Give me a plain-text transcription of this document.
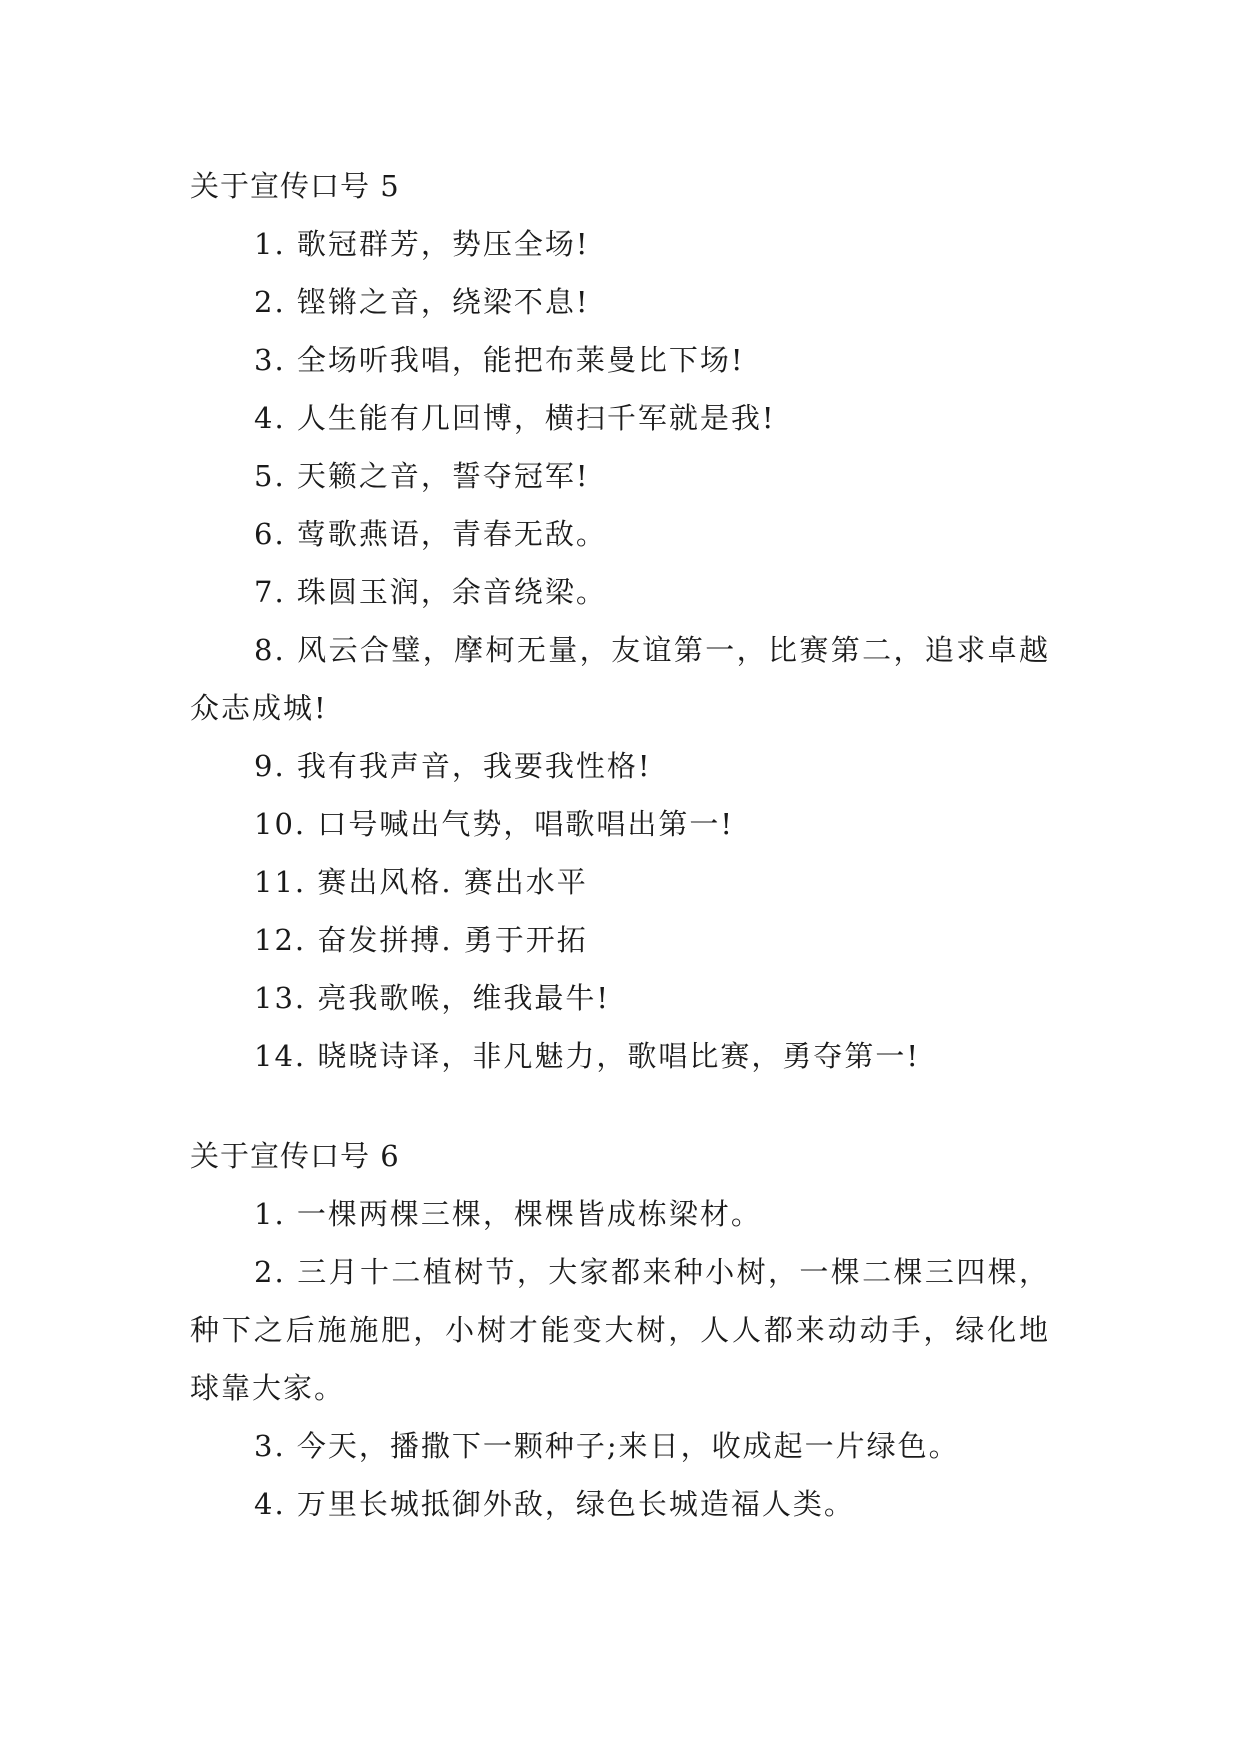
关于宣传口号 5

1. 歌冠群芳，势压全场!

2. 铿锵之音，绕梁不息!

3. 全场听我唱，能把布莱曼比下场!

4. 人生能有几回博，横扫千军就是我!

5. 天籁之音，誓夺冠军!

6. 莺歌燕语，青春无敌。

7. 珠圆玉润，余音绕梁。

8. 风云合璧，摩柯无量，友谊第一，比赛第二，追求卓越众志成城!

9. 我有我声音，我要我性格!

10. 口号喊出气势，唱歌唱出第一!

11. 赛出风格. 赛出水平

12. 奋发拼搏. 勇于开拓

13. 亮我歌喉，维我最牛!

14. 晓晓诗译，非凡魅力，歌唱比赛，勇夺第一!

关于宣传口号 6

1. 一棵两棵三棵，棵棵皆成栋梁材。

2. 三月十二植树节，大家都来种小树，一棵二棵三四棵，种下之后施施肥，小树才能变大树，人人都来动动手，绿化地球靠大家。

3. 今天，播撒下一颗种子;来日，收成起一片绿色。

4. 万里长城抵御外敌，绿色长城造福人类。
